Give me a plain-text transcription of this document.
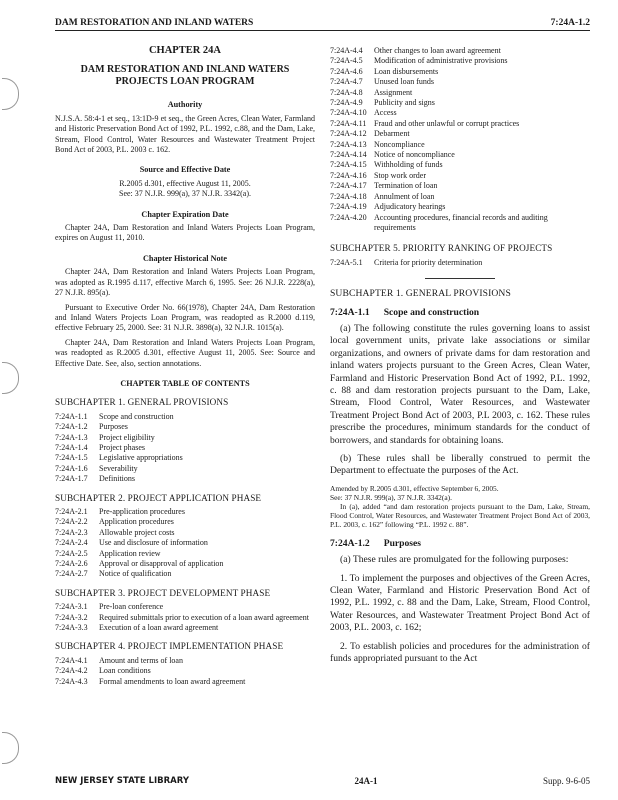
DAM RESTORATION AND INLAND WATERS	7:24A-1.2
CHAPTER 24A
DAM RESTORATION AND INLAND WATERS PROJECTS LOAN PROGRAM
Authority
N.J.S.A. 58:4-1 et seq., 13:1D-9 et seq., the Green Acres, Clean Water, Farmland and Historic Preservation Bond Act of 1992, P.L. 1992, c.88, and the Dam, Lake, Stream, Flood Control, Water Resources and Wastewater Treatment Project Bond Act of 2003, P.L. 2003 c. 162.
Source and Effective Date
R.2005 d.301, effective August 11, 2005.
See: 37 N.J.R. 999(a), 37 N.J.R. 3342(a).
Chapter Expiration Date
Chapter 24A, Dam Restoration and Inland Waters Projects Loan Program, expires on August 11, 2010.
Chapter Historical Note
Chapter 24A, Dam Restoration and Inland Waters Projects Loan Program, was adopted as R.1995 d.117, effective March 6, 1995. See: 26 N.J.R. 2228(a), 27 N.J.R. 895(a).
Pursuant to Executive Order No. 66(1978), Chapter 24A, Dam Restoration and Inland Waters Projects Loan Program, was readopted as R.2000 d.119, effective February 25, 2000. See: 31 N.J.R. 3898(a), 32 N.J.R. 1015(a).
Chapter 24A, Dam Restoration and Inland Waters Projects Loan Program, was readopted as R.2005 d.301, effective August 11, 2005. See: Source and Effective Date. See, also, section annotations.
CHAPTER TABLE OF CONTENTS
SUBCHAPTER 1. GENERAL PROVISIONS
7:24A-1.1	Scope and construction
7:24A-1.2	Purposes
7:24A-1.3	Project eligibility
7:24A-1.4	Project phases
7:24A-1.5	Legislative appropriations
7:24A-1.6	Severability
7:24A-1.7	Definitions
SUBCHAPTER 2. PROJECT APPLICATION PHASE
7:24A-2.1	Pre-application procedures
7:24A-2.2	Application procedures
7:24A-2.3	Allowable project costs
7:24A-2.4	Use and disclosure of information
7:24A-2.5	Application review
7:24A-2.6	Approval or disapproval of application
7:24A-2.7	Notice of qualification
SUBCHAPTER 3. PROJECT DEVELOPMENT PHASE
7:24A-3.1	Pre-loan conference
7:24A-3.2	Required submittals prior to execution of a loan award agreement
7:24A-3.3	Execution of a loan award agreement
SUBCHAPTER 4. PROJECT IMPLEMENTATION PHASE
7:24A-4.1	Amount and terms of loan
7:24A-4.2	Loan conditions
7:24A-4.3	Formal amendments to loan award agreement
7:24A-4.4	Other changes to loan award agreement
7:24A-4.5	Modification of administrative provisions
7:24A-4.6	Loan disbursements
7:24A-4.7	Unused loan funds
7:24A-4.8	Assignment
7:24A-4.9	Publicity and signs
7:24A-4.10 Access
7:24A-4.11 Fraud and other unlawful or corrupt practices
7:24A-4.12 Debarment
7:24A-4.13 Noncompliance
7:24A-4.14 Notice of noncompliance
7:24A-4.15 Withholding of funds
7:24A-4.16 Stop work order
7:24A-4.17 Termination of loan
7:24A-4.18 Annulment of loan
7:24A-4.19 Adjudicatory hearings
7:24A-4.20 Accounting procedures, financial records and auditing requirements
SUBCHAPTER 5. PRIORITY RANKING OF PROJECTS
7:24A-5.1	Criteria for priority determination
SUBCHAPTER 1. GENERAL PROVISIONS
7:24A-1.1 Scope and construction
(a) The following constitute the rules governing loans to assist local government units, private lake associations or similar organizations, and owners of private dams for dam restoration and inland waters projects pursuant to the Green Acres, Clean Water, Farmland and Historic Preservation Bond Act of 1992, P.L. 1992, c. 88 and dam restoration projects pursuant to the Dam, Lake, Stream, Flood Control, Water Resources, and Wastewater Treatment Project Bond Act of 2003, P.L 2003, c. 162. These rules prescribe the procedures, minimum standards for the conduct of borrowers, and standards for obtaining loans.
(b) These rules shall be liberally construed to permit the Department to effectuate the purposes of the Act.
Amended by R.2005 d.301, effective September 6, 2005.
See: 37 N.J.R. 999(a), 37 N.J.R. 3342(a).
In (a), added “and dam restoration projects pursuant to the Dam, Lake, Stream, Flood Control, Water Resources, and Wastewater Treatment Project Bond Act of 2003, P.L. 2003, c. 162” following “P.L. 1992 c. 88”.
7:24A-1.2 Purposes
(a) These rules are promulgated for the following purposes:
1. To implement the purposes and objectives of the Green Acres, Clean Water, Farmland and Historic Preservation Bond Act of 1992, P.L. 1992, c. 88 and the Dam, Lake, Stream, Flood Control, Water Resources, and Wastewater Treatment Project Bond Act of 2003, P.L. 2003, c. 162;
2. To establish policies and procedures for the administration of funds appropriated pursuant to the Act
NEW JERSEY STATE LIBRARY	24A-1	Supp. 9-6-05
